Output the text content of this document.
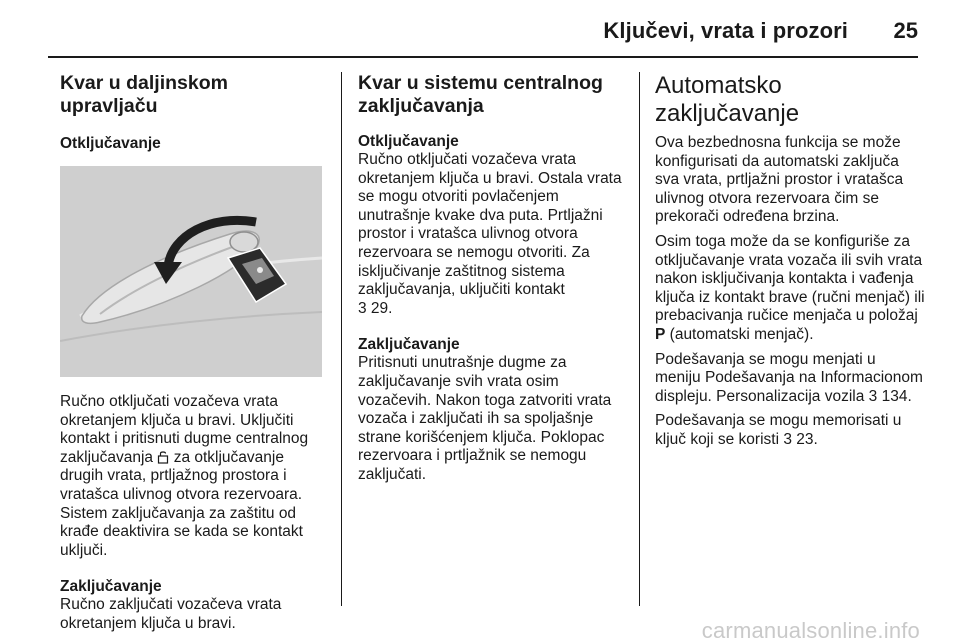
Ključevi, vrata i prozori 25
Kvar u daljinskom upravljaču
Otključavanje

Ručno otključati vozačeva vrata okretanjem ključa u bravi. Uključiti kontakt i pritisnuti dugme centralnog zaključavanja za otključavanje drugih vrata, prtljažnog prostora i vratašca ulivnog otvora rezervoara. Sistem zaključavanja za zaštitu od krađe deaktivira se kada se kontakt uključi.

Zaključavanje

Ručno zaključati vozačeva vrata okretanjem ključa u bravi.

Kvar u sistemu centralnog zaključavanja
Otključavanje

Ručno otključati vozačeva vrata okretanjem ključa u bravi. Ostala vrata se mogu otvoriti povlačenjem unutrašnje kvake dva puta. Prtljažni prostor i vratašca ulivnog otvora rezervoara se nemogu otvoriti. Za isključivanje zaštitnog sistema zaključavanja, uključiti kontakt
3 29.

Zaključavanje

Pritisnuti unutrašnje dugme za zaključavanje svih vrata osim vozačevih. Nakon toga zatvoriti vrata vozača i zaključati ih sa spoljašnje strane korišćenjem ključa. Poklopac rezervoara i prtljažnik se nemogu zaključati.

Automatsko zaključavanje

Ova bezbednosna funkcija se može konfigurisati da automatski zaključa sva vrata, prtljažni prostor i vratašca ulivnog otvora rezervoara čim se prekorači određena brzina.

Osim toga može da se konfiguriše za otključavanje vrata vozača ili svih vrata nakon isključivanja kontakta i vađenja ključa iz kontakt brave (ručni menjač) ili prebacivanja ručice menjača u položaj P (automatski menjač).

Podešavanja se mogu menjati u meniju Podešavanja na Informacionom displeju. Personalizacija vozila 3 134.

Podešavanja se mogu memorisati u ključ koji se koristi 3 23.

carmanualsonline.info
